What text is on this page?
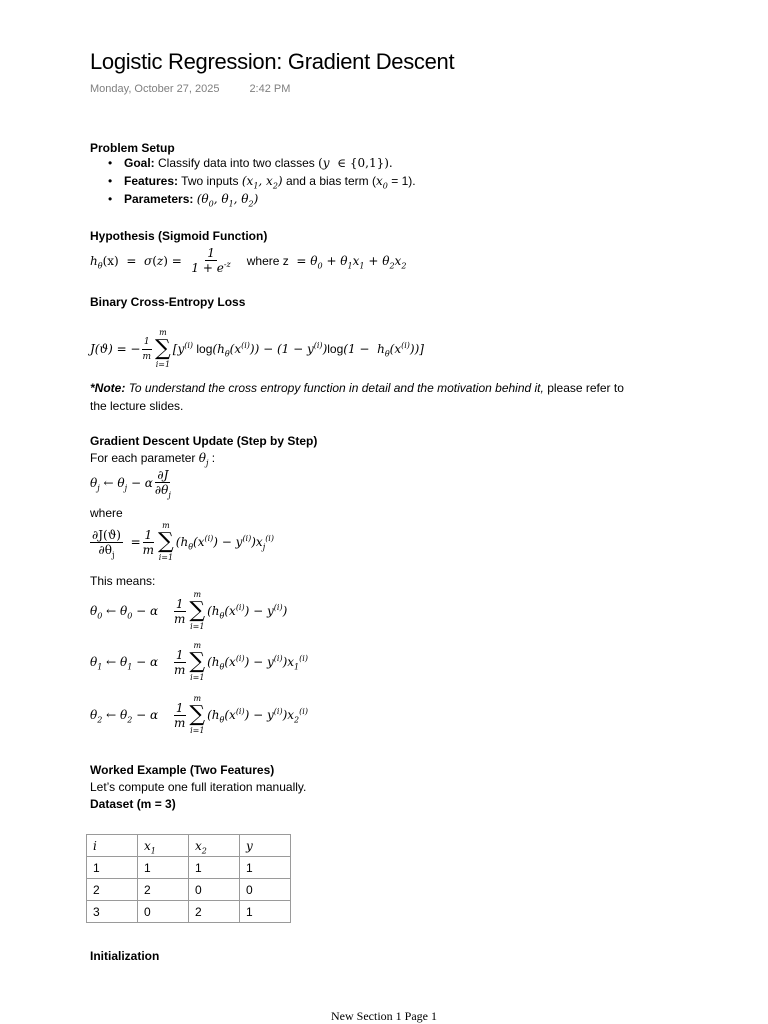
Logistic Regression: Gradient Descent
Monday, October 27, 2025	2:42 PM
Problem Setup
• Goal: Classify data into two classes (y  ∈ {0,1}).
• Features: Two inputs ($x_1$, $x_2$) and a bias term $(x_0 = 1)$.
• Parameters: ($\theta_0$, $\theta_1$, $\theta_2$)
Hypothesis (Sigmoid Function)
$h_\theta$ $(x) = \sigma(z) = \frac{1}{1 + e^{-z}}$ where $z = \theta_0 + \theta_1x_1 + \theta_2x_2$
Binary Cross-Entropy Loss
J(ϑ) = − $\frac{1}{m}$
m
∑
i=1
[$y^{(i)}$ $\log (h_\theta(x^{(i)})) - (1 - y^{(i)})$ $\log (1 - h_\theta(x^{(i)}))$]
*Note: To understand the cross entropy function in detail and the motivation behind it, please refer to
the lecture slides.
Gradient Descent Update (Step by Step)
For each parameter $\theta_j$ :
$\theta_j$ ← $\theta_j - \alpha \frac{\partial J}{\partial\theta_j}$
where
$\frac{\partial J(ϑ)}{\partial\theta_j} = \frac{1}{m}$
m
∑
i=1
$(h_\theta(x^{(i)}) - y^{(i)})x_j^{(i)}$
This means:
$\theta_0$ ← $\theta_0 - \alpha$	$\frac{1}{m}$
m
∑
i=1
$(h_\theta(x^{(i)}) - y^{(i)})$
$\theta_1$ ← $\theta_1 - \alpha$	$\frac{1}{m}$
m
∑
i=1
$(h_\theta(x^{(i)}) - y^{(i)})x_1^{(i)}$
$\theta_2$ ← $\theta_2 - \alpha$	$\frac{1}{m}$
m
∑
i=1
$(h_\theta(x^{(i)}) - y^{(i)})x_2^{(i)}$
Worked Example (Two Features)
Let’s compute one full iteration manually.
Dataset (m = 3)
i	$x_1$	$x_2$	y
1	1	1	1
2	2	0	0
3	0	2	1
Initialization
New Section 1 Page 1
